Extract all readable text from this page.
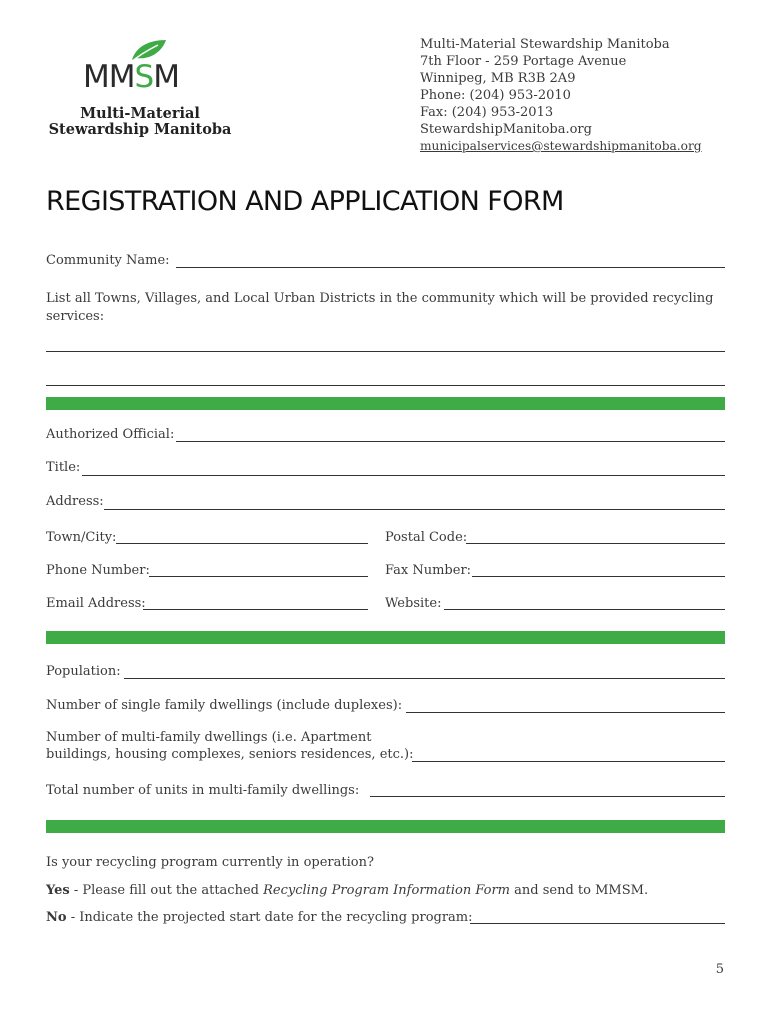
MMSM
Multi-Material
Stewardship Manitoba
Multi-Material Stewardship Manitoba
7th Floor - 259 Portage Avenue
Winnipeg, MB R3B 2A9
Phone: (204) 953-2010
Fax: (204) 953-2013
StewardshipManitoba.org
municipalservices@stewardshipmanitoba.org
REGISTRATION AND APPLICATION FORM
Community Name:
List all Towns, Villages, and Local Urban Districts in the community which will be provided recycling
services:
Authorized Official:
Title:
Address:
Town/City:	Postal Code:
Phone Number:	Fax Number:
Email Address:	Website:
Population:
Number of single family dwellings (include duplexes):
Number of multi-family dwellings (i.e. Apartment
buildings, housing complexes, seniors residences, etc.):
Total number of units in multi-family dwellings:
Is your recycling program currently in operation?
Yes - Please fill out the attached Recycling Program Information Form and send to MMSM.
No - Indicate the projected start date for the recycling program:
5
